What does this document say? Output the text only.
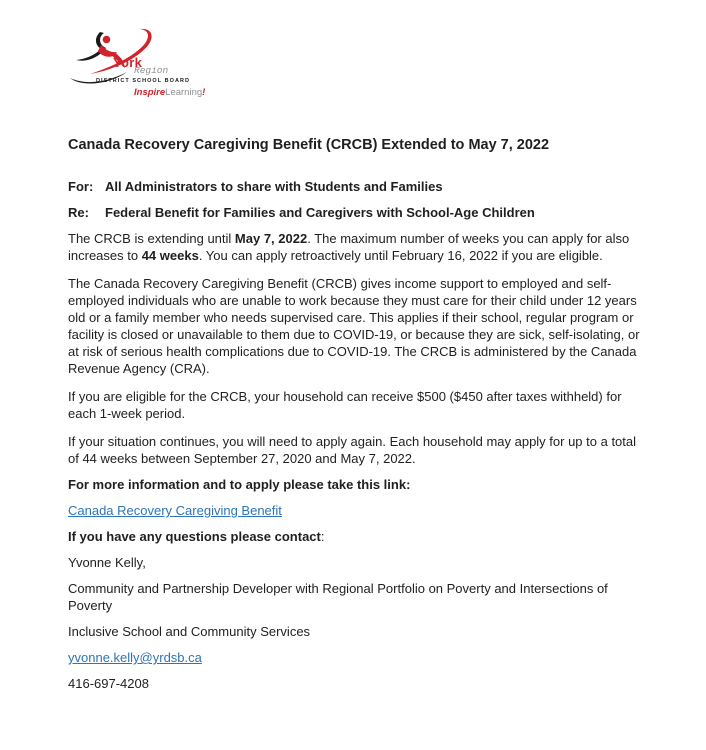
York
Region
DISTRICT SCHOOL BOARD
InspireLearning!
Canada Recovery Caregiving Benefit (CRCB) Extended to May 7, 2022
For: All Administrators to share with Students and Families
Re:	Federal Benefit for Families and Caregivers with School-Age Children

The CRCB is extending until May 7, 2022. The maximum number of weeks you can apply for also increases to 44 weeks. You can apply retroactively until February 16, 2022 if you are eligible.

The Canada Recovery Caregiving Benefit (CRCB) gives income support to employed and self-employed individuals who are unable to work because they must care for their child under 12 years old or a family member who needs supervised care. This applies if their school, regular program or facility is closed or unavailable to them due to COVID-19, or because they are sick, self-isolating, or at risk of serious health complications due to COVID-19. The CRCB is administered by the Canada Revenue Agency (CRA).

If you are eligible for the CRCB, your household can receive $500 ($450 after taxes withheld) for each 1-week period.

If your situation continues, you will need to apply again. Each household may apply for up to a total of 44 weeks between September 27, 2020 and May 7, 2022.

For more information and to apply please take this link:

Canada Recovery Caregiving Benefit

If you have any questions please contact:

Yvonne Kelly,

Community and Partnership Developer with Regional Portfolio on Poverty and Intersections of Poverty

Inclusive School and Community Services

yvonne.kelly@yrdsb.ca

416-697-4208
